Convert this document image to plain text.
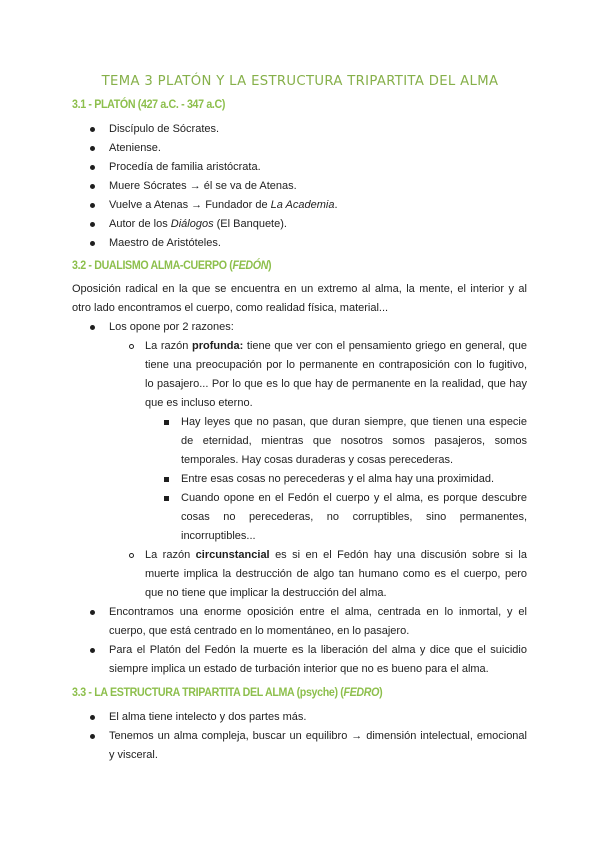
TEMA 3 PLATÓN Y LA ESTRUCTURA TRIPARTITA DEL ALMA
3.1 - PLATÓN (427 a.C. - 347 a.C)
Discípulo de Sócrates.
Ateniense.
Procedía de familia aristócrata.
Muere Sócrates → él se va de Atenas.
Vuelve a Atenas → Fundador de La Academia.
Autor de los Diálogos (El Banquete).
Maestro de Aristóteles.
3.2 - DUALISMO ALMA-CUERPO (FEDÓN)
Oposición radical en la que se encuentra en un extremo al alma, la mente, el interior y al
otro lado encontramos el cuerpo, como realidad física, material...
Los opone por 2 razones:
La razón profunda: tiene que ver con el pensamiento griego en general, que
tiene una preocupación por lo permanente en contraposición con lo fugitivo,
lo pasajero... Por lo que es lo que hay de permanente en la realidad, que hay
que es incluso eterno.
Hay leyes que no pasan, que duran siempre, que tienen una especie
de eternidad, mientras que nosotros somos pasajeros, somos
temporales. Hay cosas duraderas y cosas perecederas.
Entre esas cosas no perecederas y el alma hay una proximidad.
Cuando opone en el Fedón el cuerpo y el alma, es porque descubre
cosas no perecederas, no corruptibles, sino permanentes,
incorruptibles...
La razón circunstancial es si en el Fedón hay una discusión sobre si la
muerte implica la destrucción de algo tan humano como es el cuerpo, pero
que no tiene que implicar la destrucción del alma.
Encontramos una enorme oposición entre el alma, centrada en lo inmortal, y el
cuerpo, que está centrado en lo momentáneo, en lo pasajero.
Para el Platón del Fedón la muerte es la liberación del alma y dice que el suicidio
siempre implica un estado de turbación interior que no es bueno para el alma.
3.3 - LA ESTRUCTURA TRIPARTITA DEL ALMA (psyche) (FEDRO)
El alma tiene intelecto y dos partes más.
Tenemos un alma compleja, buscar un equilibro → dimensión intelectual, emocional
y visceral.
